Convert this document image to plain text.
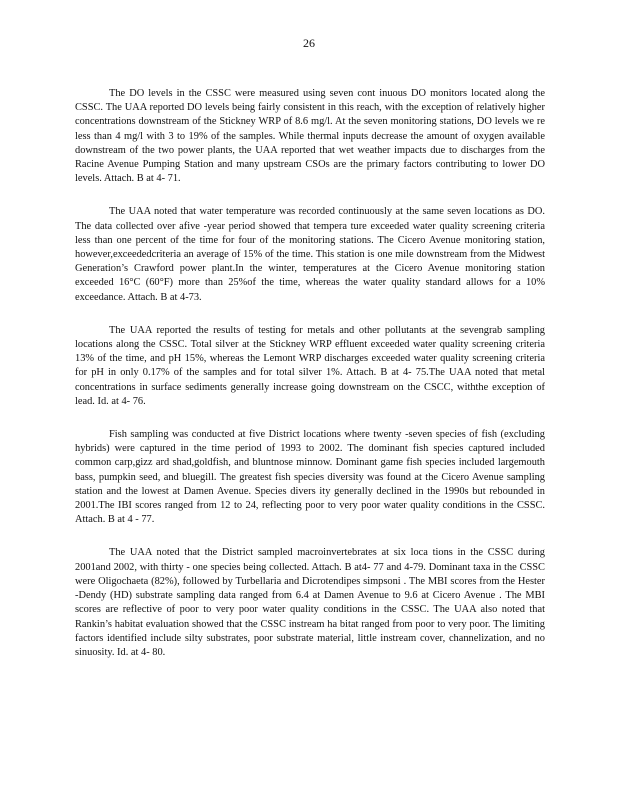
26

The DO levels in the CSSC were measured using seven cont inuous DO monitors located along the CSSC. The UAA reported DO levels being fairly consistent in this reach, with the exception of relatively higher concentrations downstream of the Stickney WRP of 8.6 mg/l. At the seven monitoring stations, DO levels we re less than 4 mg/l with 3 to 19% of the samples. While thermal inputs decrease the amount of oxygen available downstream of the two power plants, the UAA reported that wet weather impacts due to discharges from the Racine Avenue Pumping Station and many upstream CSOs are the primary factors contributing to lower DO levels. Attach. B at 4- 71.

The UAA noted that water temperature was recorded continuously at the same seven locations as DO. The data collected over afive -year period showed that tempera ture exceeded water quality screening criteria less than one percent of the time for four of the monitoring stations. The Cicero Avenue monitoring station, however,exceededcriteria an average of 15% of the time. This station is one mile downstream from the Midwest Generation’s Crawford power plant.In the winter, temperatures at the Cicero Avenue monitoring station exceeded 16°C (60°F) more than 25%of the time, whereas the water quality standard allows for a 10% exceedance. Attach. B at 4-73.

The UAA reported the results of testing for metals and other pollutants at the sevengrab sampling locations along the CSSC. Total silver at the Stickney WRP effluent exceeded water quality screening criteria 13% of the time, and pH 15%, whereas the Lemont WRP discharges exceeded water quality screening criteria for pH in only 0.17% of the samples and for total silver 1%. Attach. B at 4- 75.The UAA noted that metal concentrations in surface sediments generally increase going downstream on the CSCC, withthe exception of lead. Id. at 4- 76.

Fish sampling was conducted at five District locations where twenty -seven species of fish (excluding hybrids) were captured in the time period of 1993 to 2002. The dominant fish species captured included common carp,gizz ard shad,goldfish, and bluntnose minnow. Dominant game fish species included largemouth bass, pumpkin seed, and bluegill. The greatest fish species diversity was found at the Cicero Avenue sampling station and the lowest at Damen Avenue. Species divers ity generally declined in the 1990s but rebounded in 2001.The IBI scores ranged from 12 to 24, reflecting poor to very poor water quality conditions in the CSSC. Attach. B at 4 - 77.

The UAA noted that the District sampled macroinvertebrates at six loca tions in the CSSC during 2001and 2002, with thirty - one species being collected. Attach. B at4- 77 and 4-79. Dominant taxa in the CSSC were Oligochaeta (82%), followed by Turbellaria and Dicrotendipes simpsoni . The MBI scores from the Hester -Dendy (HD) substrate sampling data ranged from 6.4 at Damen Avenue to 9.6 at Cicero Avenue . The MBI scores are reflective of poor to very poor water quality conditions in the CSSC. The UAA also noted that Rankin’s habitat evaluation showed that the CSSC instream ha bitat ranged from poor to very poor. The limiting factors identified include silty substrates, poor substrate material, little instream cover, channelization, and no sinuosity. Id. at 4- 80.
